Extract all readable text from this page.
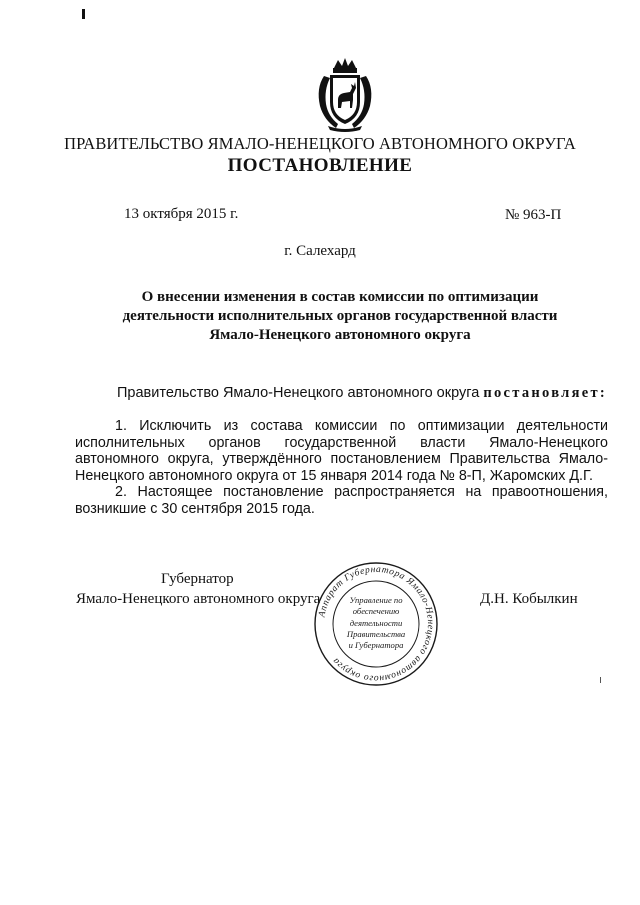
ПРАВИТЕЛЬСТВО ЯМАЛО-НЕНЕЦКОГО АВТОНОМНОГО ОКРУГА
ПОСТАНОВЛЕНИЕ
13 октября 2015 г.	№ 963-П
г. Салехард
О внесении изменения в состав комиссии по оптимизации
деятельности исполнительных органов государственной власти
Ямало-Ненецкого автономного округа
Правительство Ямало-Ненецкого автономного округа постановляет:

1. Исключить из состава комиссии по оптимизации деятельности исполнительных органов государственной власти Ямало-Ненецкого автономного округа, утверждённого постановлением Правительства Ямало-Ненецкого автономного округа от 15 января 2014 года № 8-П, Жаромских Д.Г.

2. Настоящее постановление распространяется на правоотношения, возникшие с 30 сентября 2015 года.

Губернатор
Ямало-Ненецкого автономного округа	Д.Н. Кобылкин
Аппарат Губернатора Ямало-Ненецкого автономного округа
Управление по
обеспечению
деятельности
Правительства
и Губернатора
